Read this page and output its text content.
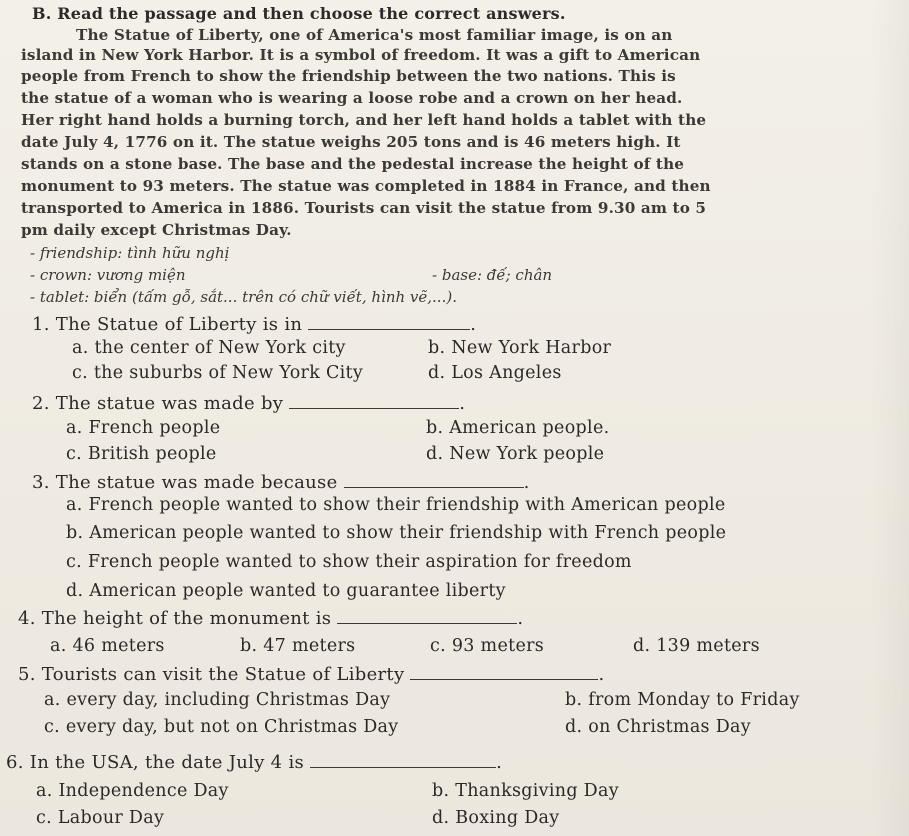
B. Read the passage and then choose the correct answers.
The Statue of Liberty, one of America's most familiar image, is on an
island in New York Harbor. It is a symbol of freedom. It was a gift to American
people from French to show the friendship between the two nations. This is
the statue of a woman who is wearing a loose robe and a crown on her head.
Her right hand holds a burning torch, and her left hand holds a tablet with the
date July 4, 1776 on it. The statue weighs 205 tons and is 46 meters high. It
stands on a stone base. The base and the pedestal increase the height of the
monument to 93 meters. The statue was completed in 1884 in France, and then
transported to America in 1886. Tourists can visit the statue from 9.30 am to 5
pm daily except Christmas Day.
- friendship: tình hữu nghị
- crown: vương miện	- base: đế; chân
- tablet: biển (tấm gỗ, sắt... trên có chữ viết, hình vẽ,...).
1. The Statue of Liberty is in	.
a. the center of New York city	b. New York Harbor
c. the suburbs of New York City	d. Los Angeles
2. The statue was made by	.
a. French people	b. American people.
c. British people	d. New York people
3. The statue was made because	.
a. French people wanted to show their friendship with American people
b. American people wanted to show their friendship with French people
c. French people wanted to show their aspiration for freedom
d. American people wanted to guarantee liberty
4. The height of the monument is	.
a. 46 meters	b. 47 meters	c. 93 meters	d. 139 meters
5. Tourists can visit the Statue of Liberty	.
a. every day, including Christmas Day	b. from Monday to Friday
c. every day, but not on Christmas Day	d. on Christmas Day
6. In the USA, the date July 4 is	.
a. Independence Day	b. Thanksgiving Day
c. Labour Day	d. Boxing Day
